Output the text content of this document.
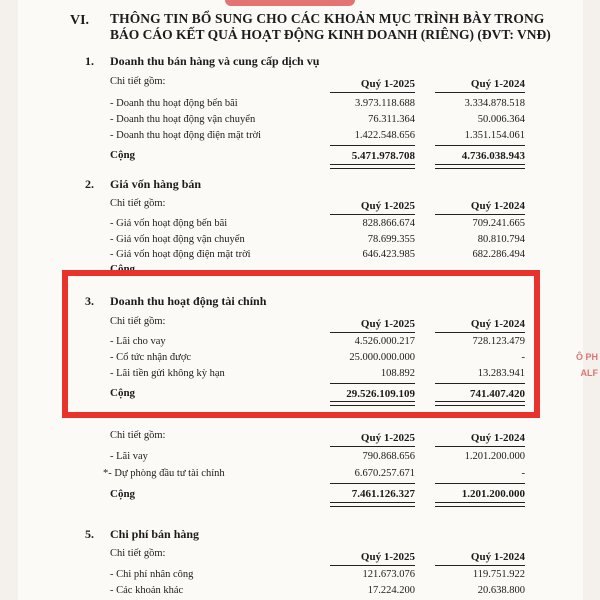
VI. THÔNG TIN BỔ SUNG CHO CÁC KHOẢN MỤC TRÌNH BÀY TRONG
BÁO CÁO KẾT QUẢ HOẠT ĐỘNG KINH DOANH (RIÊNG) (ĐVT: VNĐ)
1. Doanh thu bán hàng và cung cấp dịch vụ
Chi tiết gồm:	Quý 1-2025	Quý 1-2024
- Doanh thu hoạt động bến bãi	3.973.118.688	3.334.878.518
- Doanh thu hoạt động vận chuyển	76.311.364	50.006.364
- Doanh thu hoạt động điện mặt trời	1.422.548.656	1.351.154.061
Cộng	5.471.978.708	4.736.038.943
2. Giá vốn hàng bán
Chi tiết gồm:	Quý 1-2025	Quý 1-2024
- Giá vốn hoạt động bến bãi	828.866.674	709.241.665
- Giá vốn hoạt động vận chuyển	78.699.355	80.810.794
- Giá vốn hoạt động điện mặt trời	646.423.985	682.286.494
Cộng
3. Doanh thu hoạt động tài chính
Chi tiết gồm:	Quý 1-2025	Quý 1-2024
- Lãi cho vay	4.526.000.217	728.123.479
- Cổ tức nhận được	25.000.000.000	-
- Lãi tiền gửi không kỳ hạn	108.892	13.283.941
Cộng	29.526.109.109	741.407.420
Chi tiết gồm:	Quý 1-2025	Quý 1-2024
- Lãi vay	790.868.656	1.201.200.000
*- Dự phòng đầu tư tài chính	6.670.257.671	-
Cộng	7.461.126.327	1.201.200.000
5. Chi phí bán hàng
Chi tiết gồm:	Quý 1-2025	Quý 1-2024
- Chi phí nhân công	121.673.076	119.751.922
- Các khoản khác	17.224.200	20.638.800
Ô PH
ALF
